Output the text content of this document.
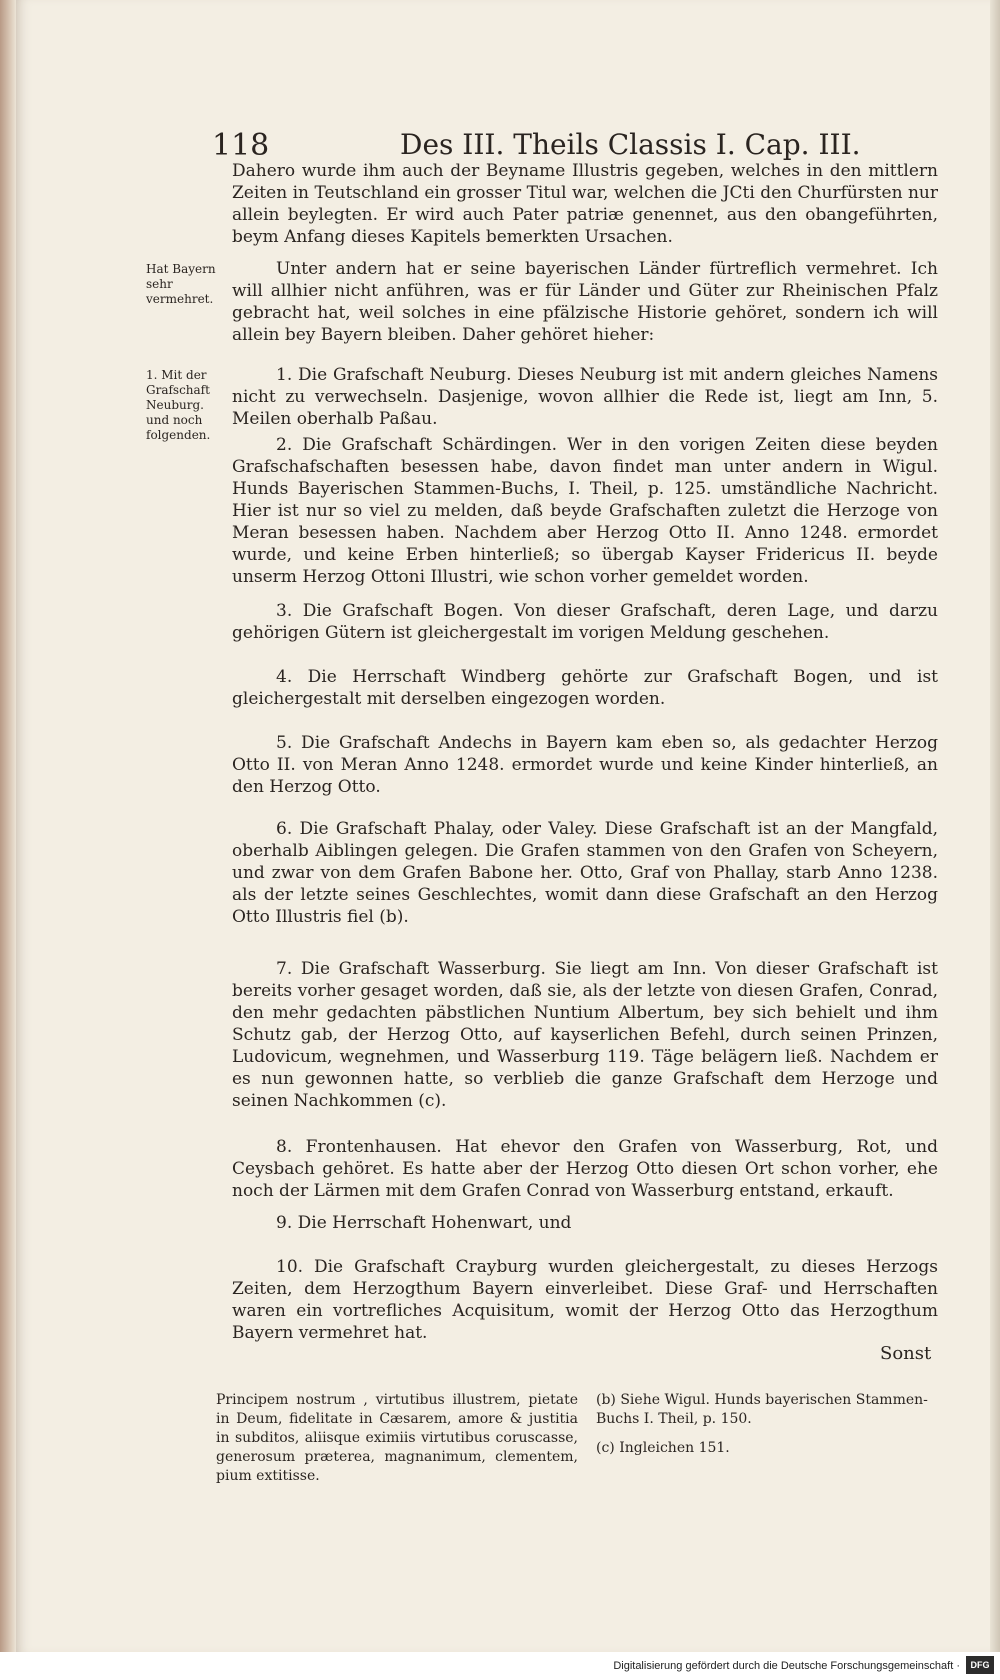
118	Des III. Theils Classis I. Cap. III.
Dahero wurde ihm auch der Beyname Illustris gegeben, welches in den mittlern Zeiten in Teutschland ein grosser Titul war, welchen die JCti den Churfürsten nur allein beylegten. Er wird auch Pater patriæ genennet, aus den obangeführten, beym Anfang dieses Kapitels bemerkten Ursachen.
Hat Bayern sehr vermehret.
1. Mit der Grafschaft Neuburg. und noch folgenden.
Unter andern hat er seine bayerischen Länder fürtreflich vermehret. Ich will allhier nicht anführen, was er für Länder und Güter zur Rheinischen Pfalz gebracht hat, weil solches in eine pfälzische Historie gehöret, sondern ich will allein bey Bayern bleiben. Daher gehöret hieher:
1. Die Grafschaft Neuburg. Dieses Neuburg ist mit andern gleiches Namens nicht zu verwechseln. Dasjenige, wovon allhier die Rede ist, liegt am Inn, 5. Meilen oberhalb Paßau.
2. Die Grafschaft Schärdingen. Wer in den vorigen Zeiten diese beyden Grafschafschaften besessen habe, davon findet man unter andern in Wigul. Hunds Bayerischen Stammen-Buchs, I. Theil, p. 125. umständliche Nachricht. Hier ist nur so viel zu melden, daß beyde Grafschaften zuletzt die Herzoge von Meran besessen haben. Nachdem aber Herzog Otto II. Anno 1248. ermordet wurde, und keine Erben hinterließ; so übergab Kayser Fridericus II. beyde unserm Herzog Ottoni Illustri, wie schon vorher gemeldet worden.
3. Die Grafschaft Bogen. Von dieser Grafschaft, deren Lage, und darzu gehörigen Gütern ist gleichergestalt im vorigen Meldung geschehen.
4. Die Herrschaft Windberg gehörte zur Grafschaft Bogen, und ist gleichergestalt mit derselben eingezogen worden.
5. Die Grafschaft Andechs in Bayern kam eben so, als gedachter Herzog Otto II. von Meran Anno 1248. ermordet wurde und keine Kinder hinterließ, an den Herzog Otto.
6. Die Grafschaft Phalay, oder Valey. Diese Grafschaft ist an der Mangfald, oberhalb Aiblingen gelegen. Die Grafen stammen von den Grafen von Scheyern, und zwar von dem Grafen Babone her. Otto, Graf von Phallay, starb Anno 1238. als der letzte seines Geschlechtes, womit dann diese Grafschaft an den Herzog Otto Illustris fiel (b).
7. Die Grafschaft Wasserburg. Sie liegt am Inn. Von dieser Grafschaft ist bereits vorher gesaget worden, daß sie, als der letzte von diesen Grafen, Conrad, den mehr gedachten päbstlichen Nuntium Albertum, bey sich behielt und ihm Schutz gab, der Herzog Otto, auf kayserlichen Befehl, durch seinen Prinzen, Ludovicum, wegnehmen, und Wasserburg 119. Täge belägern ließ. Nachdem er es nun gewonnen hatte, so verblieb die ganze Grafschaft dem Herzoge und seinen Nachkommen (c).
8. Frontenhausen. Hat ehevor den Grafen von Wasserburg, Rot, und Ceysbach gehöret. Es hatte aber der Herzog Otto diesen Ort schon vorher, ehe noch der Lärmen mit dem Grafen Conrad von Wasserburg entstand, erkauft.
9. Die Herrschaft Hohenwart, und
10. Die Grafschaft Crayburg wurden gleichergestalt, zu dieses Herzogs Zeiten, dem Herzogthum Bayern einverleibet. Diese Graf- und Herrschaften waren ein vortrefliches Acquisitum, womit der Herzog Otto das Herzogthum Bayern vermehret hat.
Sonst
Principem nostrum , virtutibus illustrem, pietate in Deum, fidelitate in Cæsarem, amore & justitia in subditos, aliisque eximiis virtutibus coruscasse, generosum præterea, magnanimum, clementem, pium extitisse.
(b) Siehe Wigul. Hunds bayerischen Stammen-Buchs I. Theil, p. 150.
(c) Ingleichen 151.
Digitalisierung gefördert durch die Deutsche Forschungsgemeinschaft ·	DFG
